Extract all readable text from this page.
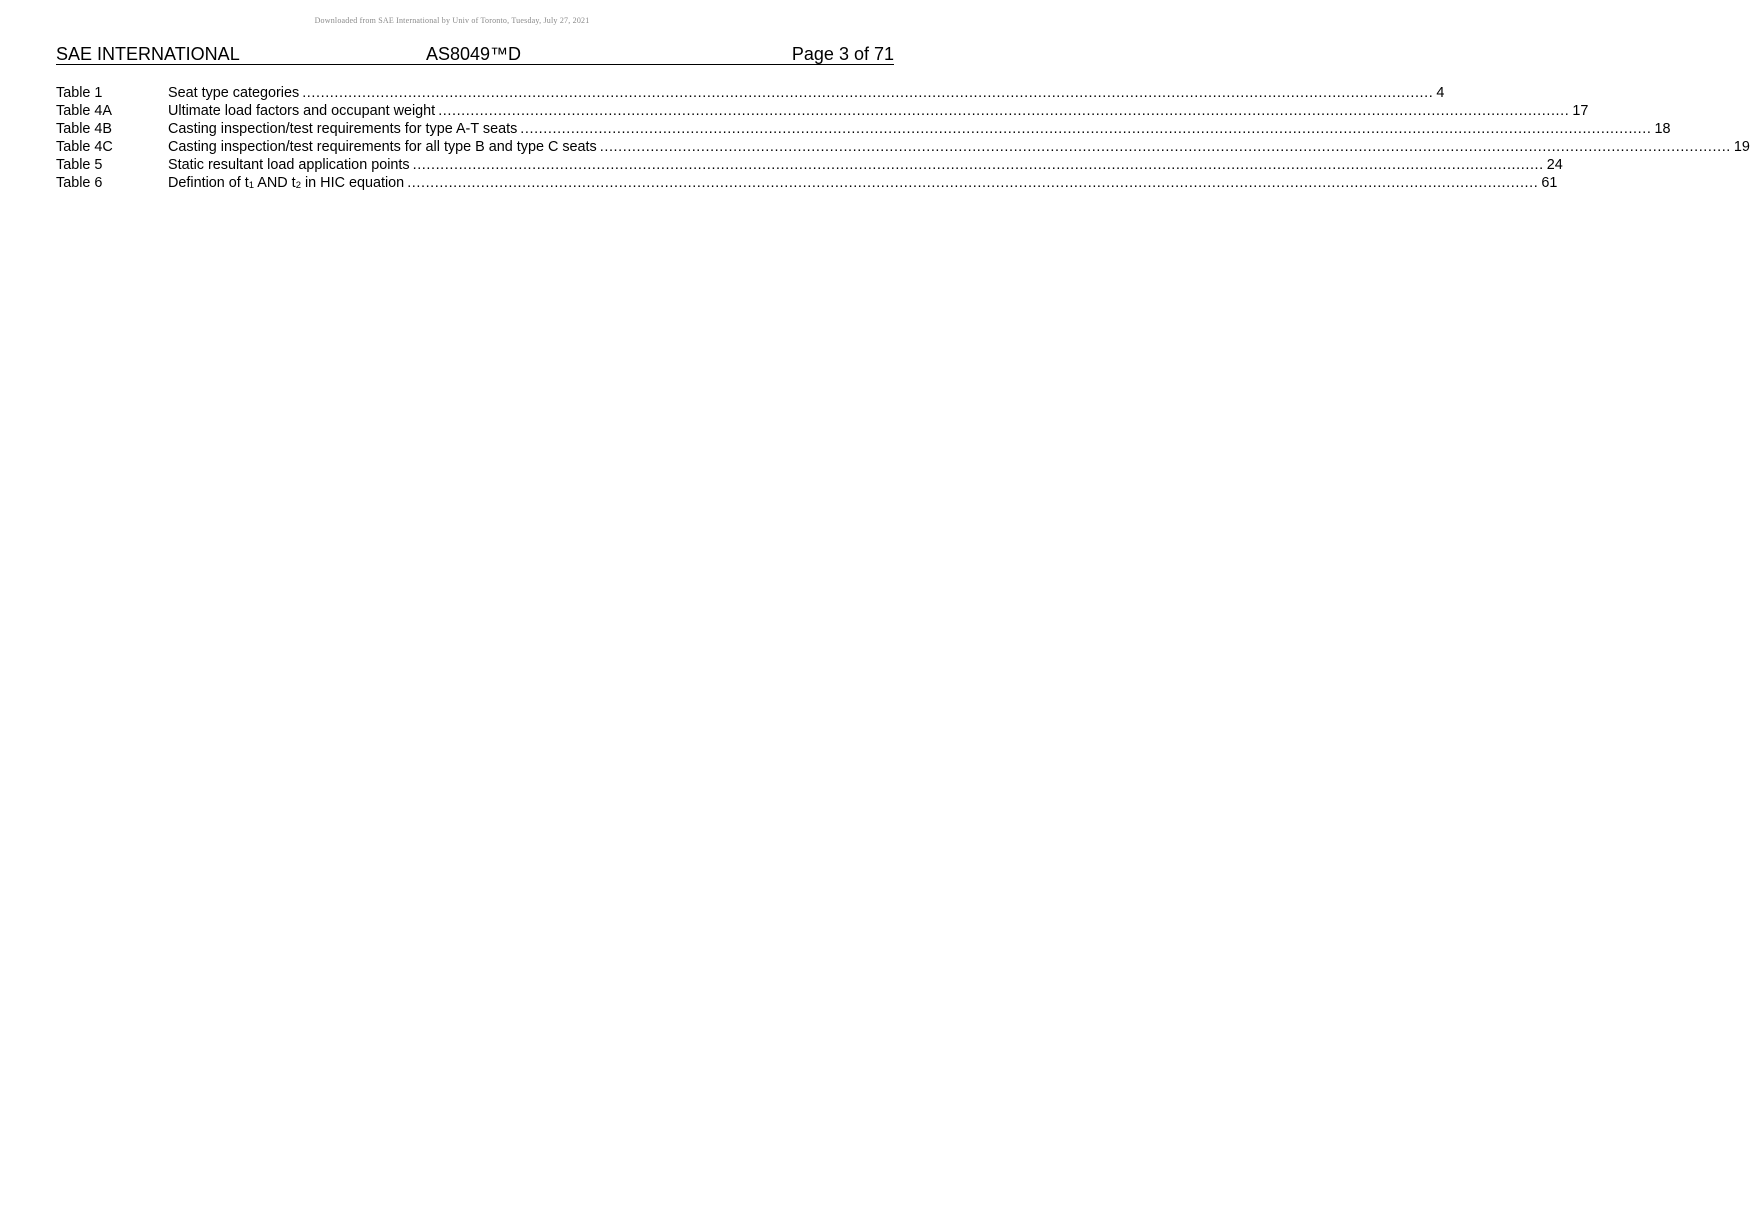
Downloaded from SAE International by Univ of Toronto, Tuesday, July 27, 2021
SAE INTERNATIONAL	AS8049™D	Page 3 of 71
Table 1	Seat type categories ...................................................................................................................................................................................................................................................... 4
Table 4A	Ultimate load factors and occupant weight ...................................................................................................................................................................................................................................................... 17
Table 4B	Casting inspection/test requirements for type A-T seats ...................................................................................................................................................................................................................................................... 18
Table 4C	Casting inspection/test requirements for all type B and type C seats ...................................................................................................................................................................................................................................................... 19
Table 5	Static resultant load application points ...................................................................................................................................................................................................................................................... 24
Table 6	Defintion of $t_1$ AND $t_2$ in HIC equation ...................................................................................................................................................................................................................................................... 61
